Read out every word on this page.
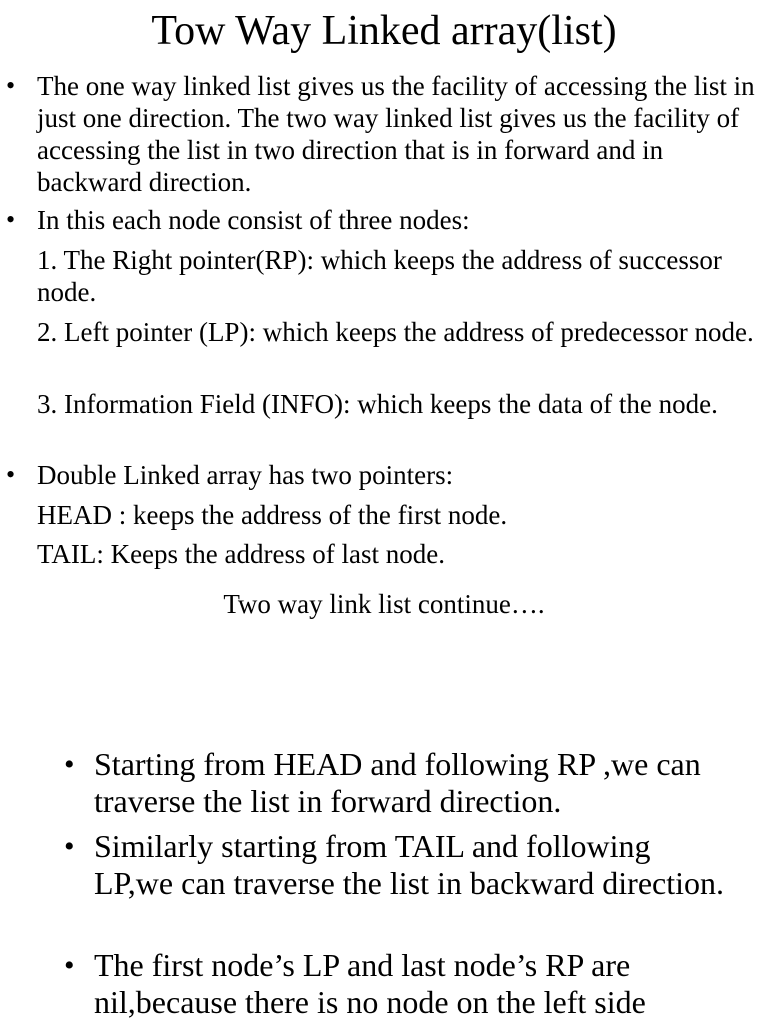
Tow Way Linked array(list)
• The one way linked list gives us the facility of accessing the list in just one direction. The two way linked list gives us the facility of accessing the list in two direction that is in forward and in backward direction.

• In this each node consist of three nodes:

1. The Right pointer(RP): which keeps the address of successor node.

2. Left pointer (LP): which keeps the address of predecessor node.

3. Information Field (INFO): which keeps the data of the node.

• Double Linked array has two pointers:

HEAD : keeps the address of the first node.

TAIL: Keeps the address of last node.

Two way link list continue….
• Starting from HEAD and following RP ,we can traverse the list in forward direction.

• Similarly starting from TAIL and following LP,we can traverse the list in backward direction.

• The first node’s LP and last node’s RP are nil,because there is no node on the left side
